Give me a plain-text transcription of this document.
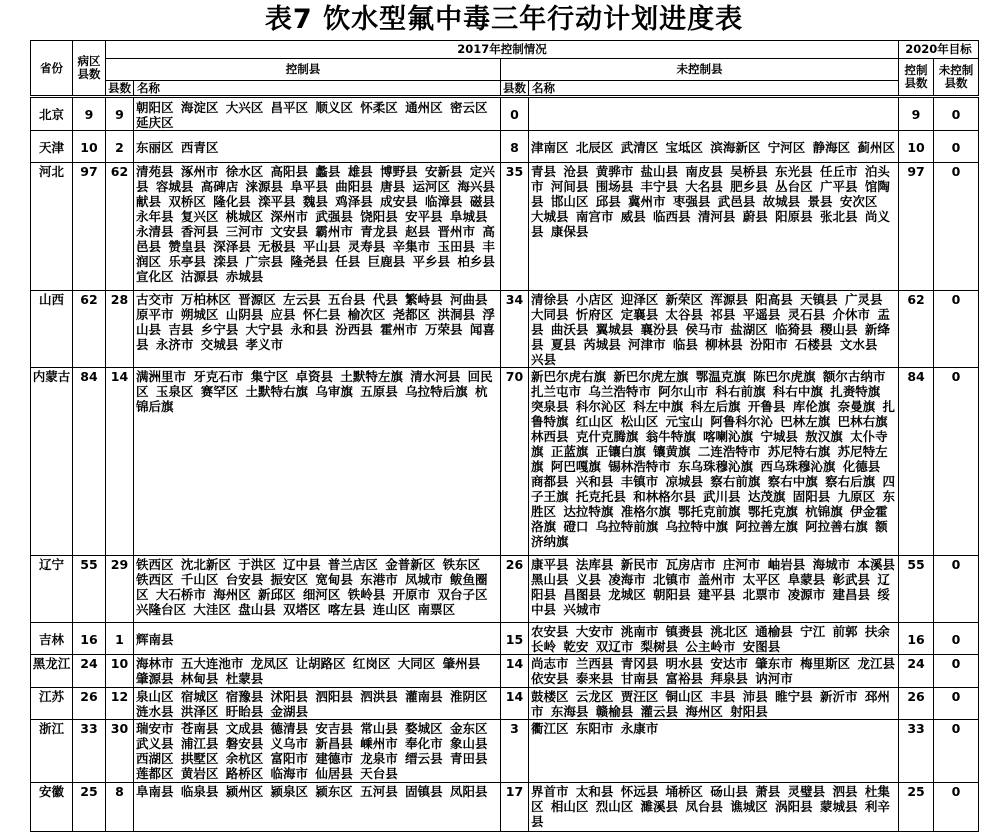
表7 饮水型氟中毒三年行动计划进度表
省份	病区县数	2017年控制情况				2020年目标	
		控制县		未控制县		控制县数	未控制县数
		县数	名称	县数	名称		
北京	9	9	朝阳区 海淀区 大兴区 昌平区 顺义区 怀柔区 通州区 密云区 延庆区	0		9	0
天津	10	2	东丽区 西青区	8	津南区 北辰区 武清区 宝坻区 滨海新区 宁河区 静海区 蓟州区	10	0
河北	97	62	清苑县 涿州市 徐水区 高阳县 蠡县 雄县 博野县 安新县 定兴县 容城县 高碑店 涞源县 阜平县 曲阳县 唐县 运河区 海兴县 献县 双桥区 隆化县 滦平县 魏县 鸡泽县 成安县 临漳县 磁县 永年县 复兴区 桃城区 深州市 武强县 饶阳县 安平县 阜城县 永清县 香河县 三河市 文安县 霸州市 青龙县 赵县 晋州市 高邑县 赞皇县 深泽县 无极县 平山县 灵寿县 辛集市 玉田县 丰润区 乐亭县 滦县 广宗县 隆尧县 任县 巨鹿县 平乡县 柏乡县 宣化区 沽源县 赤城县	35	青县 沧县 黄骅市 盐山县 南皮县 吴桥县 东光县 任丘市 泊头市 河间县 围场县 丰宁县 大名县 肥乡县 丛台区 广平县 馆陶县 邯山区 邱县 冀州市 枣强县 武邑县 故城县 景县 安次区 大城县 南宫市 威县 临西县 清河县 蔚县 阳原县 张北县 尚义县 康保县	97	0
山西	62	28	古交市 万柏林区 晋源区 左云县 五台县 代县 繁峙县 河曲县 原平市 朔城区 山阴县 应县 怀仁县 榆次区 尧都区 洪洞县 浮山县 吉县 乡宁县 大宁县 永和县 汾西县 霍州市 万荣县 闻喜县 永济市 交城县 孝义市	34	清徐县 小店区 迎泽区 新荣区 浑源县 阳高县 天镇县 广灵县 大同县 忻府区 定襄县 太谷县 祁县 平遥县 灵石县 介休市 盂县 曲沃县 翼城县 襄汾县 侯马市 盐湖区 临猗县 稷山县 新绛县 夏县 芮城县 河津市 临县 柳林县 汾阳市 石楼县 文水县 兴县	62	0
内蒙古	84	14	满洲里市 牙克石市 集宁区 卓资县 土默特左旗 清水河县 回民区 玉泉区 赛罕区 土默特右旗 乌审旗 五原县 乌拉特后旗 杭锦后旗	70	新巴尔虎右旗 新巴尔虎左旗 鄂温克旗 陈巴尔虎旗 额尔古纳市 扎兰屯市 乌兰浩特市 阿尔山市 科右前旗 科右中旗 扎赉特旗 突泉县 科尔沁区 科左中旗 科左后旗 开鲁县 库伦旗 奈曼旗 扎鲁特旗 红山区 松山区 元宝山 阿鲁科尔沁 巴林左旗 巴林右旗 林西县 克什克腾旗 翁牛特旗 喀喇沁旗 宁城县 敖汉旗 太仆寺旗 正蓝旗 正镶白旗 镶黄旗 二连浩特市 苏尼特右旗 苏尼特左旗 阿巴嘎旗 锡林浩特市 东乌珠穆沁旗 西乌珠穆沁旗 化德县 商都县 兴和县 丰镇市 凉城县 察右前旗 察右中旗 察右后旗 四子王旗 托克托县 和林格尔县 武川县 达茂旗 固阳县 九原区 东胜区 达拉特旗 准格尔旗 鄂托克前旗 鄂托克旗 杭锦旗 伊金霍洛旗 磴口 乌拉特前旗 乌拉特中旗 阿拉善左旗 阿拉善右旗 额济纳旗	84	0
辽宁	55	29	铁西区 沈北新区 于洪区 辽中县 普兰店区 金普新区 铁东区 铁西区 千山区 台安县 振安区 宽甸县 东港市 凤城市 鲅鱼圈区 大石桥市 海州区 新邱区 细河区 铁岭县 开原市 双台子区 兴隆台区 大洼区 盘山县 双塔区 喀左县 连山区 南票区	26	康平县 法库县 新民市 瓦房店市 庄河市 岫岩县 海城市 本溪县 黑山县 义县 凌海市 北镇市 盖州市 太平区 阜蒙县 彰武县 辽阳县 昌图县 龙城区 朝阳县 建平县 北票市 凌源市 建昌县 绥中县 兴城市	55	0
吉林	16	1	辉南县	15	农安县 大安市 洮南市 镇赉县 洮北区 通榆县 宁江 前郭 扶余 长岭 乾安 双辽市 梨树县 公主岭市 安图县	16	0
黑龙江	24	10	海林市 五大连池市 龙凤区 让胡路区 红岗区 大同区 肇州县 肇源县 林甸县 杜蒙县	14	尚志市 兰西县 青冈县 明水县 安达市 肇东市 梅里斯区 龙江县 依安县 泰来县 甘南县 富裕县 拜泉县 讷河市	24	0
江苏	26	12	泉山区 宿城区 宿豫县 沭阳县 泗阳县 泗洪县 灌南县 淮阴区 涟水县 洪泽区 盱眙县 金湖县	14	鼓楼区 云龙区 贾汪区 铜山区 丰县 沛县 睢宁县 新沂市 邳州市 东海县 赣榆县 灌云县 海州区 射阳县	26	0
浙江	33	30	瑞安市 苍南县 文成县 德清县 安吉县 常山县 婺城区 金东区 武义县 浦江县 磐安县 义乌市 新昌县 嵊州市 奉化市 象山县 西湖区 拱墅区 余杭区 富阳市 建德市 龙泉市 缙云县 青田县 莲都区 黄岩区 路桥区 临海市 仙居县 天台县	3	衢江区 东阳市 永康市	33	0
安徽	25	8	阜南县 临泉县 颍州区 颍泉区 颍东区 五河县 固镇县 凤阳县	17	界首市 太和县 怀远县 埇桥区 砀山县 萧县 灵璧县 泗县 杜集区 相山区 烈山区 濉溪县 凤台县 谯城区 涡阳县 蒙城县 利辛县	25	0
